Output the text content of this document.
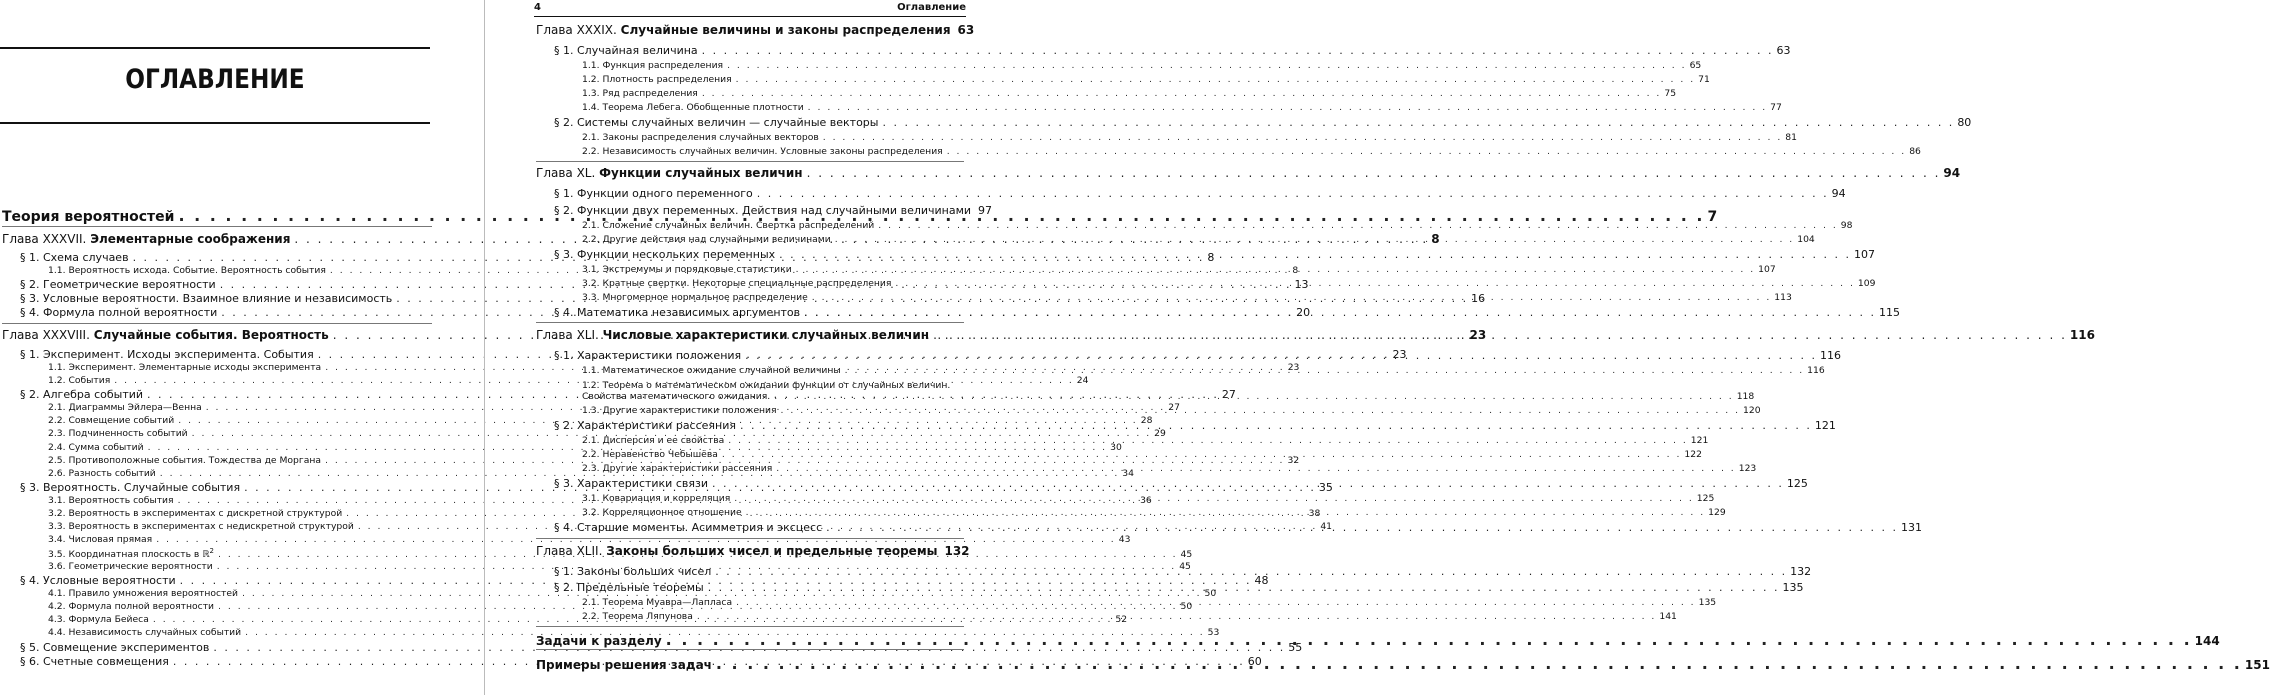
ОГЛАВЛЕНИЕ
Теория вероятностей . . .	7
Глава XXXVII. Элементарные соображения . . .	8
§ 1. Схема случаев . . .	8
1.1. Вероятность исхода. Событие. Вероятность события . . .	8
§ 2. Геометрические вероятности . . .	13
§ 3. Условные вероятности. Взаимное влияние и независимость . . .	16
§ 4. Формула полной вероятности . . .	20
Глава XXXVIII. Случайные события. Вероятность . . .	23
§ 1. Эксперимент. Исходы эксперимента. События . . .	23
1.1. Эксперимент. Элементарные исходы эксперимента . . .	23
1.2. События . . .	24
§ 2. Алгебра событий . . .	27
2.1. Диаграммы Эйлера—Венна . . .	27
2.2. Совмещение событий . . .	28
2.3. Подчиненность событий . . .	29
2.4. Сумма событий . . .	30
2.5. Противоположные события. Тождества де Моргана . . .	32
2.6. Разность событий . . .	34
§ 3. Вероятность. Случайные события . . .	35
3.1. Вероятность события . . .	36
3.2. Вероятность в экспериментах с дискретной структурой . . .	38
3.3. Вероятность в экспериментах с недискретной структурой . . .	41
3.4. Числовая прямая . . .	43
3.5. Координатная плоскость в ℝ$^2$ . . .	45
3.6. Геометрические вероятности . . .	45
§ 4. Условные вероятности . . .	48
4.1. Правило умножения вероятностей . . .	50
4.2. Формула полной вероятности . . .	50
4.3. Формула Бейеса . . .	52
4.4. Независимость случайных событий . . .	53
§ 5. Совмещение экспериментов . . .	55
§ 6. Счетные совмещения . . .	60
4	Оглавление
Глава XXXIX. Случайные величины и законы распределения 63
§ 1. Случайная величина . . .	63
1.1. Функция распределения . . .	65
1.2. Плотность распределения . . .	71
1.3. Ряд распределения . . .	75
1.4. Теорема Лебега. Обобщенные плотности . . .	77
§ 2. Системы случайных величин — случайные векторы . . .	80
2.1. Законы распределения случайных векторов . . .	81
2.2. Независимость случайных величин. Условные законы распределения . . .	86
Глава XL. Функции случайных величин . . .	94
§ 1. Функции одного переменного . . .	94
§ 2. Функции двух переменных. Действия над случайными величинами 97
2.1. Сложение случайных величин. Свертка распределений . . .	98
2.2. Другие действия над случайными величинами . . .	104
§ 3. Функции нескольких переменных . . .	107
3.1. Экстремумы и порядковые статистики . . .	107
3.2. Кратные свертки. Некоторые специальные распределения . . .	109
3.3. Многомерное нормальное распределение . . .	113
§ 4. Математика независимых аргументов . . .	115
Глава XLI. Числовые характеристики случайных величин . . .	116
§ 1. Характеристики положения . . .	116
1.1. Математическое ожидание случайной величины . . .	116
1.2. Теорема о математическом ожидании функции от случайных величин.
Свойства математического ожидания. . . .	118
1.3. Другие характеристики положения . . .	120
§ 2. Характеристики рассеяния . . .	121
2.1. Дисперсия и ее свойства . . .	121
2.2. Неравенство Чебышёва . . .	122
2.3. Другие характеристики рассеяния . . .	123
§ 3. Характеристики связи . . .	125
3.1. Ковариация и корреляция . . .	125
3.2. Корреляционное отношение . . .	129
§ 4. Старшие моменты. Асимметрия и эксцесс . . .	131
Глава XLII. Законы больших чисел и предельные теоремы 132
§ 1. Законы больших чисел . . .	132
§ 2. Предельные теоремы . . .	135
2.1. Теорема Муавра—Лапласа . . .	135
2.2. Теорема Ляпунова . . .	141
Задачи к разделу . . .	144
Примеры решения задач . . .	151
